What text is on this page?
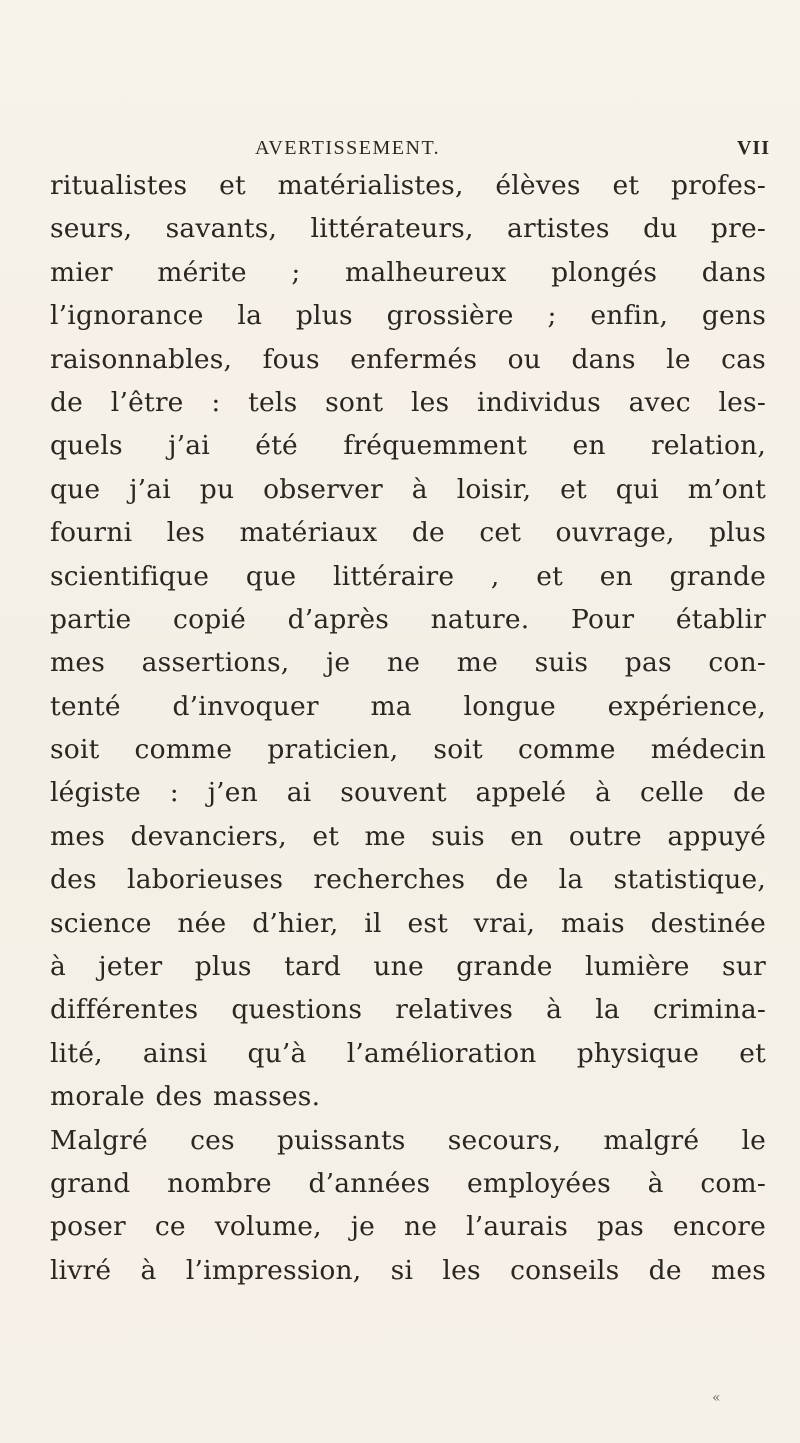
AVERTISSEMENT.	VII
ritualistes et matérialistes, élèves et profes-
seurs, savants, littérateurs, artistes du pre-
mier mérite ; malheureux plongés dans
l’ignorance la plus grossière ; enfin, gens
raisonnables, fous enfermés ou dans le cas
de l’être : tels sont les individus avec les-
quels j’ai été fréquemment en relation,
que j’ai pu observer à loisir, et qui m’ont
fourni les matériaux de cet ouvrage, plus
scientifique que littéraire , et en grande
partie copié d’après nature. Pour établir
mes assertions, je ne me suis pas con-
tenté d’invoquer ma longue expérience,
soit comme praticien, soit comme médecin
légiste : j’en ai souvent appelé à celle de
mes devanciers, et me suis en outre appuyé
des laborieuses recherches de la statistique,
science née d’hier, il est vrai, mais destinée
à jeter plus tard une grande lumière sur
différentes questions relatives à la crimina-
lité, ainsi qu’à l’amélioration physique et
morale des masses.
Malgré ces puissants secours, malgré le
grand nombre d’années employées à com-
poser ce volume, je ne l’aurais pas encore
livré à l’impression, si les conseils de mes
«
